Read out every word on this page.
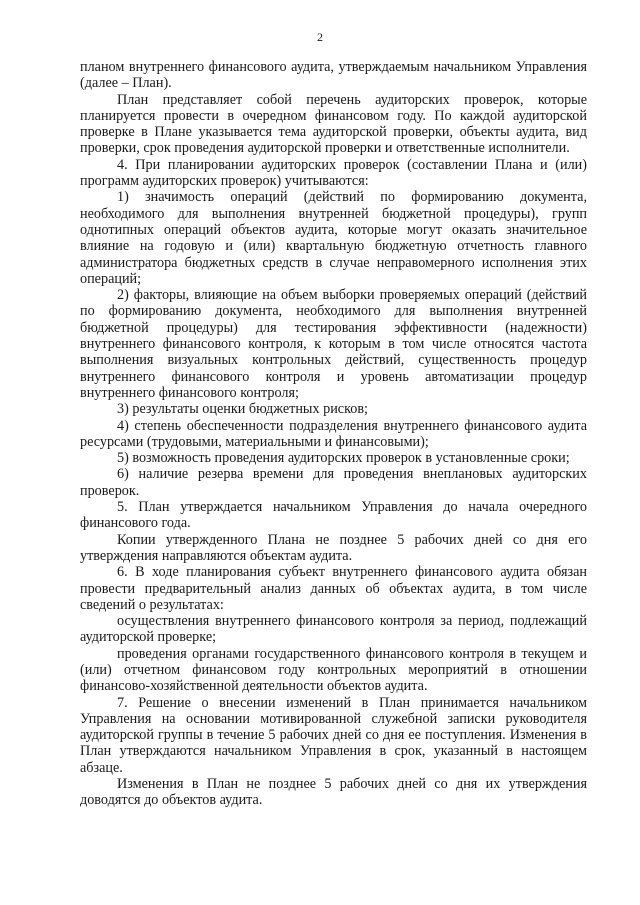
2

планом внутреннего финансового аудита, утверждаемым начальником Управления (далее – План).

План представляет собой перечень аудиторских проверок, которые планируется провести в очередном финансовом году. По каждой аудиторской проверке в Плане указывается тема аудиторской проверки, объекты аудита, вид проверки, срок проведения аудиторской проверки и ответственные исполнители.

4. При планировании аудиторских проверок (составлении Плана и (или) программ аудиторских проверок) учитываются:

1) значимость операций (действий по формированию документа, необходимого для выполнения внутренней бюджетной процедуры), групп однотипных операций объектов аудита, которые могут оказать значительное влияние на годовую и (или) квартальную бюджетную отчетность главного администратора бюджетных средств в случае неправомерного исполнения этих операций;

2) факторы, влияющие на объем выборки проверяемых операций (действий по формированию документа, необходимого для выполнения внутренней бюджетной процедуры) для тестирования эффективности (надежности) внутреннего финансового контроля, к которым в том числе относятся частота выполнения визуальных контрольных действий, существенность процедур внутреннего финансового контроля и уровень автоматизации процедур внутреннего финансового контроля;

3) результаты оценки бюджетных рисков;

4) степень обеспеченности подразделения внутреннего финансового аудита ресурсами (трудовыми, материальными и финансовыми);

5) возможность проведения аудиторских проверок в установленные сроки;

6) наличие резерва времени для проведения внеплановых аудиторских проверок.

5. План утверждается начальником Управления до начала очередного финансового года.

Копии утвержденного Плана не позднее 5 рабочих дней со дня его утверждения направляются объектам аудита.

6. В ходе планирования субъект внутреннего финансового аудита обязан провести предварительный анализ данных об объектах аудита, в том числе сведений о результатах:

осуществления внутреннего финансового контроля за период, подлежащий аудиторской проверке;

проведения органами государственного финансового контроля в текущем и (или) отчетном финансовом году контрольных мероприятий в отношении финансово-хозяйственной деятельности объектов аудита.

7. Решение о внесении изменений в План принимается начальником Управления на основании мотивированной служебной записки руководителя аудиторской группы в течение 5 рабочих дней со дня ее поступления. Изменения в План утверждаются начальником Управления в срок, указанный в настоящем абзаце.

Изменения в План не позднее 5 рабочих дней со дня их утверждения доводятся до объектов аудита.
